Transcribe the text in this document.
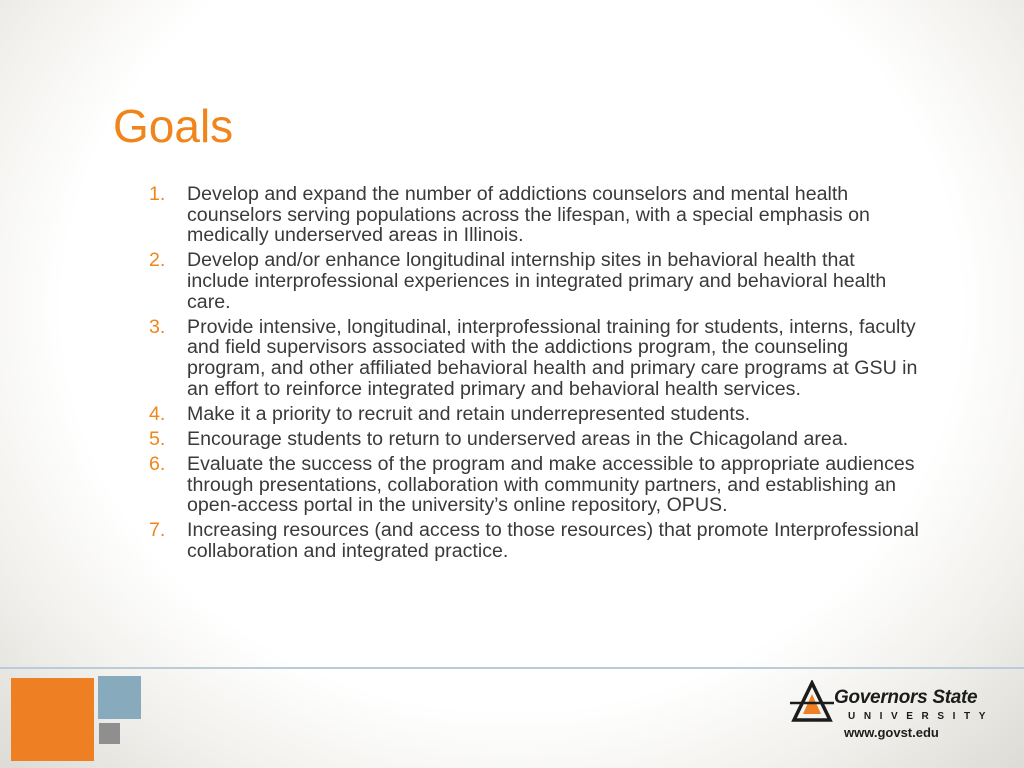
Goals
1.	Develop and expand the number of addictions counselors and mental health counselors serving populations across the lifespan, with a special emphasis on medically underserved areas in Illinois.
2.	Develop and/or enhance longitudinal internship sites in behavioral health that include interprofessional experiences in integrated primary and behavioral health care.
3.	Provide intensive, longitudinal, interprofessional training for students, interns, faculty and field supervisors associated with the addictions program, the counseling program, and other affiliated behavioral health and primary care programs at GSU in an effort to reinforce integrated primary and behavioral health services.
4.	Make it a priority to recruit and retain underrepresented students.
5.	Encourage students to return to underserved areas in the Chicagoland area.
6.	Evaluate the success of the program and make accessible to appropriate audiences through presentations, collaboration with community partners, and establishing an open-access portal in the university’s online repository, OPUS.
7.	Increasing resources (and access to those resources) that promote Interprofessional collaboration and integrated practice.
Governors State
UNIVERSITY
www.govst.edu
